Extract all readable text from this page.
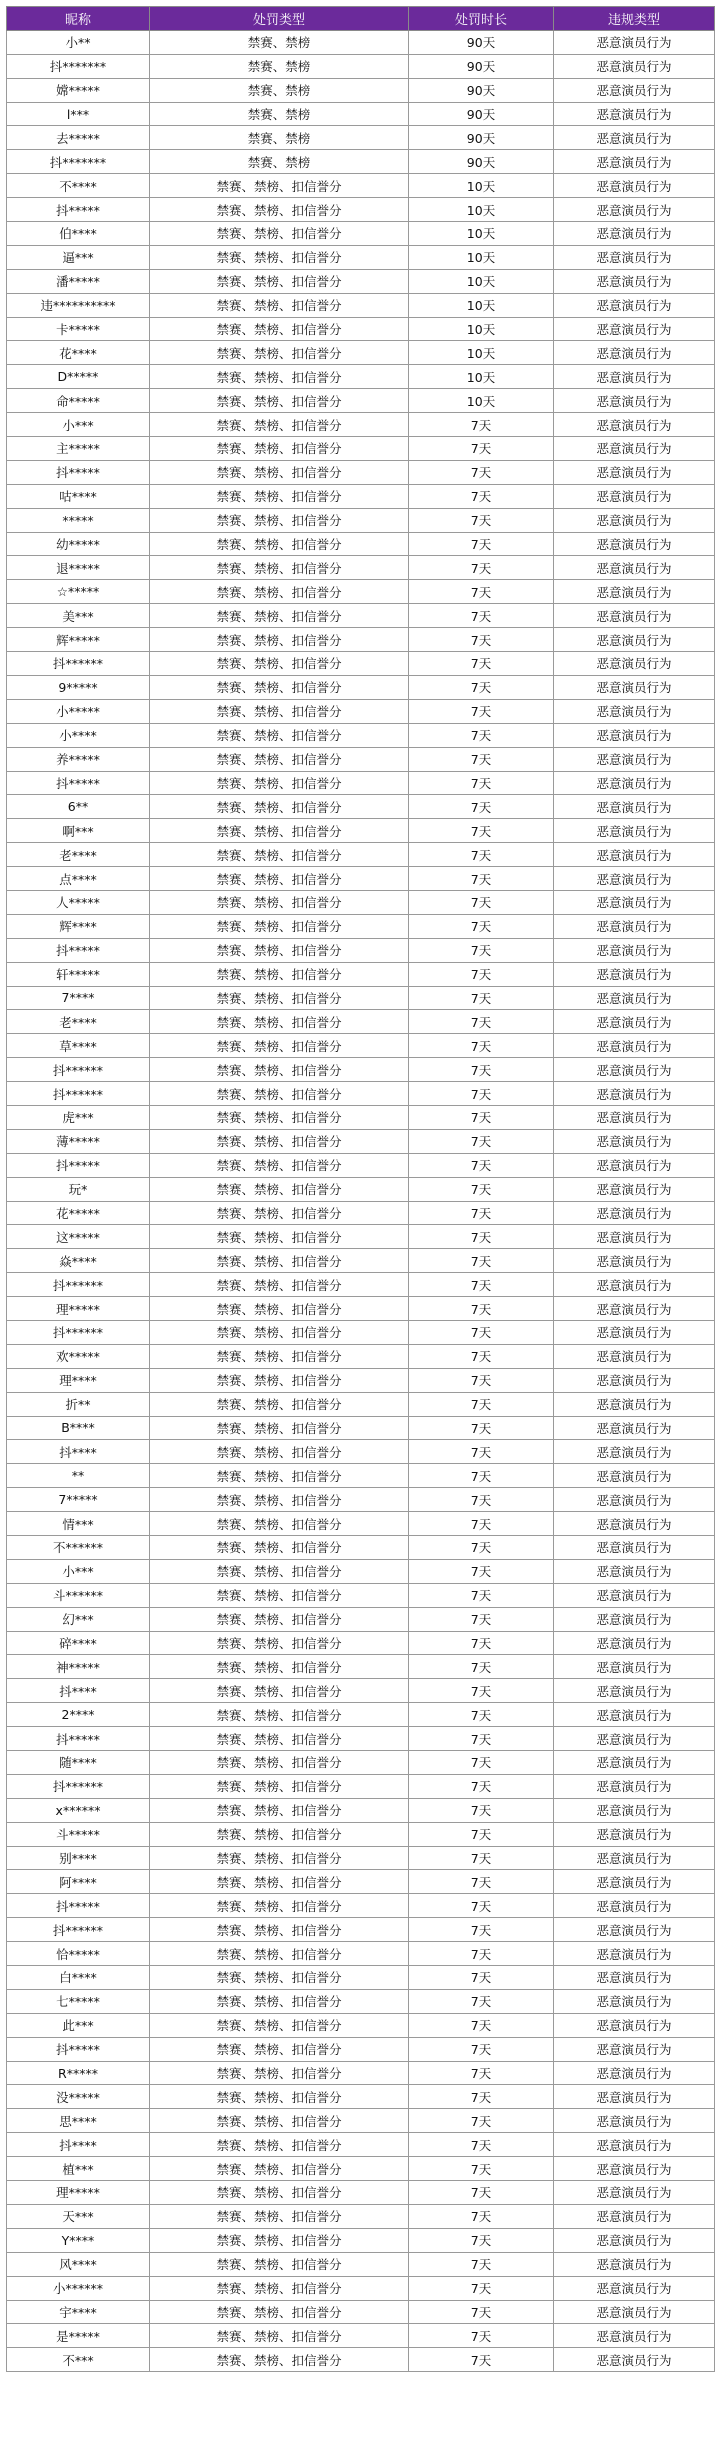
昵称	处罚类型	处罚时长	违规类型
小**	禁赛、禁榜	90天	恶意演员行为
抖*******	禁赛、禁榜	90天	恶意演员行为
嫦*****	禁赛、禁榜	90天	恶意演员行为
l***	禁赛、禁榜	90天	恶意演员行为
去*****	禁赛、禁榜	90天	恶意演员行为
抖*******	禁赛、禁榜	90天	恶意演员行为
不****	禁赛、禁榜、扣信誉分	10天	恶意演员行为
抖*****	禁赛、禁榜、扣信誉分	10天	恶意演员行为
伯****	禁赛、禁榜、扣信誉分	10天	恶意演员行为
逼***	禁赛、禁榜、扣信誉分	10天	恶意演员行为
潘*****	禁赛、禁榜、扣信誉分	10天	恶意演员行为
违**********	禁赛、禁榜、扣信誉分	10天	恶意演员行为
卡*****	禁赛、禁榜、扣信誉分	10天	恶意演员行为
花****	禁赛、禁榜、扣信誉分	10天	恶意演员行为
D*****	禁赛、禁榜、扣信誉分	10天	恶意演员行为
命*****	禁赛、禁榜、扣信誉分	10天	恶意演员行为
小***	禁赛、禁榜、扣信誉分	7天	恶意演员行为
主*****	禁赛、禁榜、扣信誉分	7天	恶意演员行为
抖*****	禁赛、禁榜、扣信誉分	7天	恶意演员行为
咕****	禁赛、禁榜、扣信誉分	7天	恶意演员行为
*****	禁赛、禁榜、扣信誉分	7天	恶意演员行为
幼*****	禁赛、禁榜、扣信誉分	7天	恶意演员行为
退*****	禁赛、禁榜、扣信誉分	7天	恶意演员行为
☆*****	禁赛、禁榜、扣信誉分	7天	恶意演员行为
美***	禁赛、禁榜、扣信誉分	7天	恶意演员行为
辉*****	禁赛、禁榜、扣信誉分	7天	恶意演员行为
抖******	禁赛、禁榜、扣信誉分	7天	恶意演员行为
9*****	禁赛、禁榜、扣信誉分	7天	恶意演员行为
小*****	禁赛、禁榜、扣信誉分	7天	恶意演员行为
小****	禁赛、禁榜、扣信誉分	7天	恶意演员行为
养*****	禁赛、禁榜、扣信誉分	7天	恶意演员行为
抖*****	禁赛、禁榜、扣信誉分	7天	恶意演员行为
6**	禁赛、禁榜、扣信誉分	7天	恶意演员行为
啊***	禁赛、禁榜、扣信誉分	7天	恶意演员行为
老****	禁赛、禁榜、扣信誉分	7天	恶意演员行为
点****	禁赛、禁榜、扣信誉分	7天	恶意演员行为
人*****	禁赛、禁榜、扣信誉分	7天	恶意演员行为
辉****	禁赛、禁榜、扣信誉分	7天	恶意演员行为
抖*****	禁赛、禁榜、扣信誉分	7天	恶意演员行为
轩*****	禁赛、禁榜、扣信誉分	7天	恶意演员行为
7****	禁赛、禁榜、扣信誉分	7天	恶意演员行为
老****	禁赛、禁榜、扣信誉分	7天	恶意演员行为
草****	禁赛、禁榜、扣信誉分	7天	恶意演员行为
抖******	禁赛、禁榜、扣信誉分	7天	恶意演员行为
抖******	禁赛、禁榜、扣信誉分	7天	恶意演员行为
虎***	禁赛、禁榜、扣信誉分	7天	恶意演员行为
薄*****	禁赛、禁榜、扣信誉分	7天	恶意演员行为
抖*****	禁赛、禁榜、扣信誉分	7天	恶意演员行为
玩*	禁赛、禁榜、扣信誉分	7天	恶意演员行为
花*****	禁赛、禁榜、扣信誉分	7天	恶意演员行为
这*****	禁赛、禁榜、扣信誉分	7天	恶意演员行为
焱****	禁赛、禁榜、扣信誉分	7天	恶意演员行为
抖******	禁赛、禁榜、扣信誉分	7天	恶意演员行为
理*****	禁赛、禁榜、扣信誉分	7天	恶意演员行为
抖******	禁赛、禁榜、扣信誉分	7天	恶意演员行为
欢*****	禁赛、禁榜、扣信誉分	7天	恶意演员行为
理****	禁赛、禁榜、扣信誉分	7天	恶意演员行为
折**	禁赛、禁榜、扣信誉分	7天	恶意演员行为
B****	禁赛、禁榜、扣信誉分	7天	恶意演员行为
抖****	禁赛、禁榜、扣信誉分	7天	恶意演员行为
**	禁赛、禁榜、扣信誉分	7天	恶意演员行为
7*****	禁赛、禁榜、扣信誉分	7天	恶意演员行为
情***	禁赛、禁榜、扣信誉分	7天	恶意演员行为
不******	禁赛、禁榜、扣信誉分	7天	恶意演员行为
小***	禁赛、禁榜、扣信誉分	7天	恶意演员行为
斗******	禁赛、禁榜、扣信誉分	7天	恶意演员行为
幻***	禁赛、禁榜、扣信誉分	7天	恶意演员行为
碎****	禁赛、禁榜、扣信誉分	7天	恶意演员行为
神*****	禁赛、禁榜、扣信誉分	7天	恶意演员行为
抖****	禁赛、禁榜、扣信誉分	7天	恶意演员行为
2****	禁赛、禁榜、扣信誉分	7天	恶意演员行为
抖*****	禁赛、禁榜、扣信誉分	7天	恶意演员行为
随****	禁赛、禁榜、扣信誉分	7天	恶意演员行为
抖******	禁赛、禁榜、扣信誉分	7天	恶意演员行为
x******	禁赛、禁榜、扣信誉分	7天	恶意演员行为
斗*****	禁赛、禁榜、扣信誉分	7天	恶意演员行为
别****	禁赛、禁榜、扣信誉分	7天	恶意演员行为
阿****	禁赛、禁榜、扣信誉分	7天	恶意演员行为
抖*****	禁赛、禁榜、扣信誉分	7天	恶意演员行为
抖******	禁赛、禁榜、扣信誉分	7天	恶意演员行为
恰*****	禁赛、禁榜、扣信誉分	7天	恶意演员行为
白****	禁赛、禁榜、扣信誉分	7天	恶意演员行为
七*****	禁赛、禁榜、扣信誉分	7天	恶意演员行为
此***	禁赛、禁榜、扣信誉分	7天	恶意演员行为
抖*****	禁赛、禁榜、扣信誉分	7天	恶意演员行为
R*****	禁赛、禁榜、扣信誉分	7天	恶意演员行为
没*****	禁赛、禁榜、扣信誉分	7天	恶意演员行为
思****	禁赛、禁榜、扣信誉分	7天	恶意演员行为
抖****	禁赛、禁榜、扣信誉分	7天	恶意演员行为
植***	禁赛、禁榜、扣信誉分	7天	恶意演员行为
理*****	禁赛、禁榜、扣信誉分	7天	恶意演员行为
天***	禁赛、禁榜、扣信誉分	7天	恶意演员行为
Y****	禁赛、禁榜、扣信誉分	7天	恶意演员行为
风****	禁赛、禁榜、扣信誉分	7天	恶意演员行为
小******	禁赛、禁榜、扣信誉分	7天	恶意演员行为
宇****	禁赛、禁榜、扣信誉分	7天	恶意演员行为
是*****	禁赛、禁榜、扣信誉分	7天	恶意演员行为
不***	禁赛、禁榜、扣信誉分	7天	恶意演员行为
